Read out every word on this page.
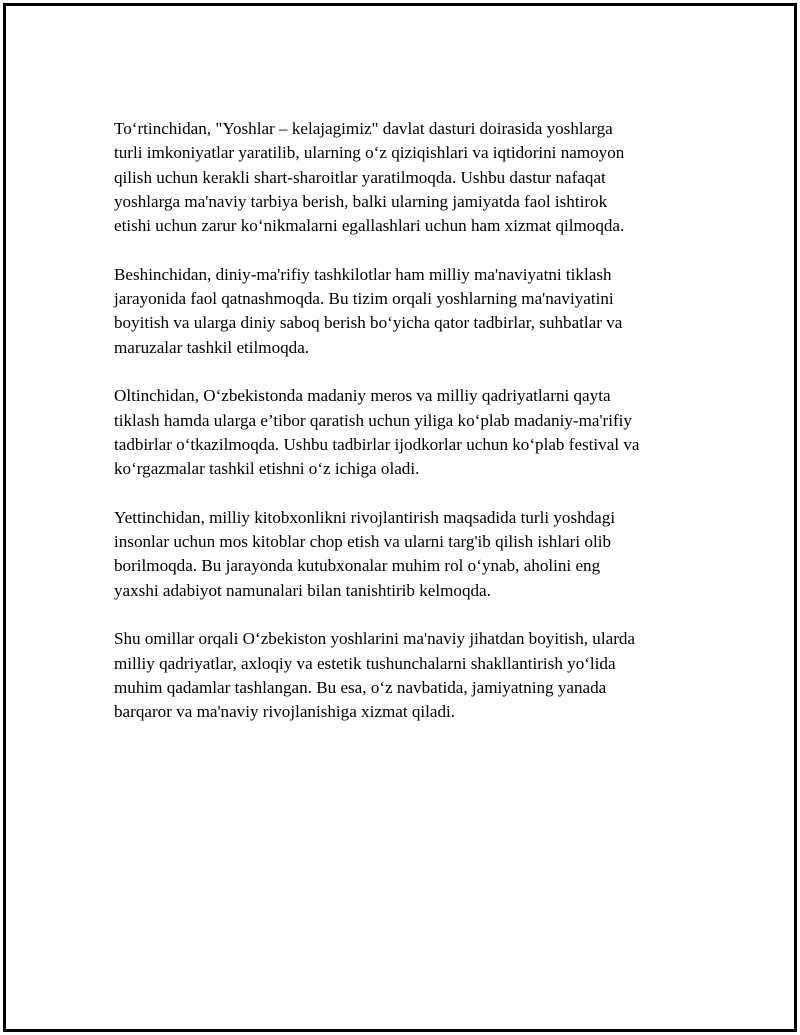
To‘rtinchidan, "Yoshlar – kelajagimiz" davlat dasturi doirasida yoshlarga
turli imkoniyatlar yaratilib, ularning o‘z qiziqishlari va iqtidorini namoyon
qilish uchun kerakli shart-sharoitlar yaratilmoqda. Ushbu dastur nafaqat
yoshlarga ma'naviy tarbiya berish, balki ularning jamiyatda faol ishtirok
etishi uchun zarur ko‘nikmalarni egallashlari uchun ham xizmat qilmoqda.

Beshinchidan, diniy-ma'rifiy tashkilotlar ham milliy ma'naviyatni tiklash
jarayonida faol qatnashmoqda. Bu tizim orqali yoshlarning ma'naviyatini
boyitish va ularga diniy saboq berish bo‘yicha qator tadbirlar, suhbatlar va
maruzalar tashkil etilmoqda.

Oltinchidan, O‘zbekistonda madaniy meros va milliy qadriyatlarni qayta
tiklash hamda ularga e’tibor qaratish uchun yiliga ko‘plab madaniy-ma'rifiy
tadbirlar o‘tkazilmoqda. Ushbu tadbirlar ijodkorlar uchun ko‘plab festival va
ko‘rgazmalar tashkil etishni o‘z ichiga oladi.

Yettinchidan, milliy kitobxonlikni rivojlantirish maqsadida turli yoshdagi
insonlar uchun mos kitoblar chop etish va ularni targ'ib qilish ishlari olib
borilmoqda. Bu jarayonda kutubxonalar muhim rol o‘ynab, aholini eng
yaxshi adabiyot namunalari bilan tanishtirib kelmoqda.

Shu omillar orqali O‘zbekiston yoshlarini ma'naviy jihatdan boyitish, ularda
milliy qadriyatlar, axloqiy va estetik tushunchalarni shakllantirish yo‘lida
muhim qadamlar tashlangan. Bu esa, o‘z navbatida, jamiyatning yanada
barqaror va ma'naviy rivojlanishiga xizmat qiladi.
